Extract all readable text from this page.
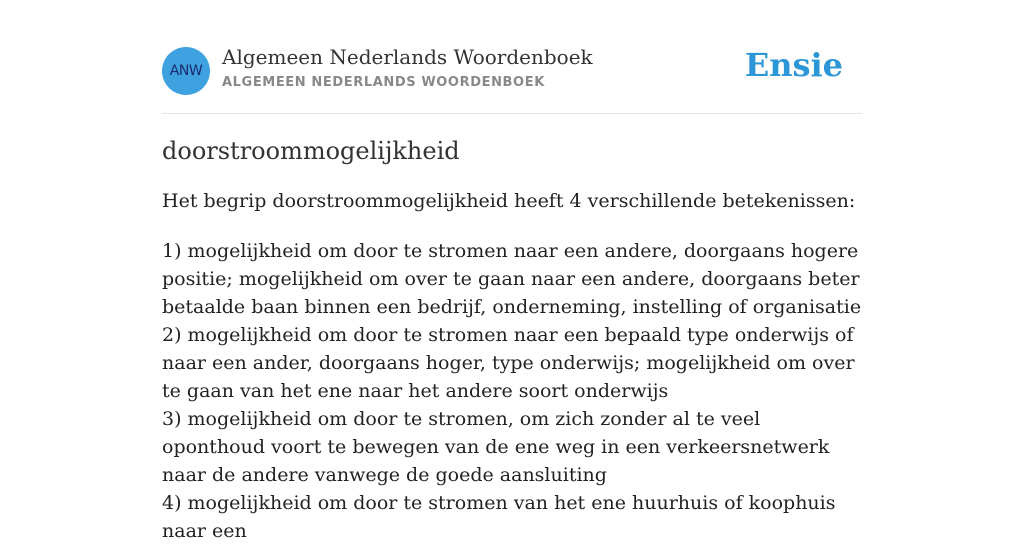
ANW
Algemeen Nederlands Woordenboek
ALGEMEEN NEDERLANDS WOORDENBOEK	Ensie
doorstroommogelijkheid

Het begrip doorstroommogelijkheid heeft 4 verschillende betekenissen:

1) mogelijkheid om door te stromen naar een andere, doorgaans hogere positie; mogelijkheid om over te gaan naar een andere, doorgaans beter betaalde baan binnen een bedrijf, onderneming, instelling of organisatie
2) mogelijkheid om door te stromen naar een bepaald type onderwijs of naar een ander, doorgaans hoger, type onderwijs; mogelijkheid om over te gaan van het ene naar het andere soort onderwijs
3) mogelijkheid om door te stromen, om zich zonder al te veel oponthoud voort te bewegen van de ene weg in een verkeersnetwerk naar de andere vanwege de goede aansluiting
4) mogelijkheid om door te stromen van het ene huurhuis of koophuis naar een
